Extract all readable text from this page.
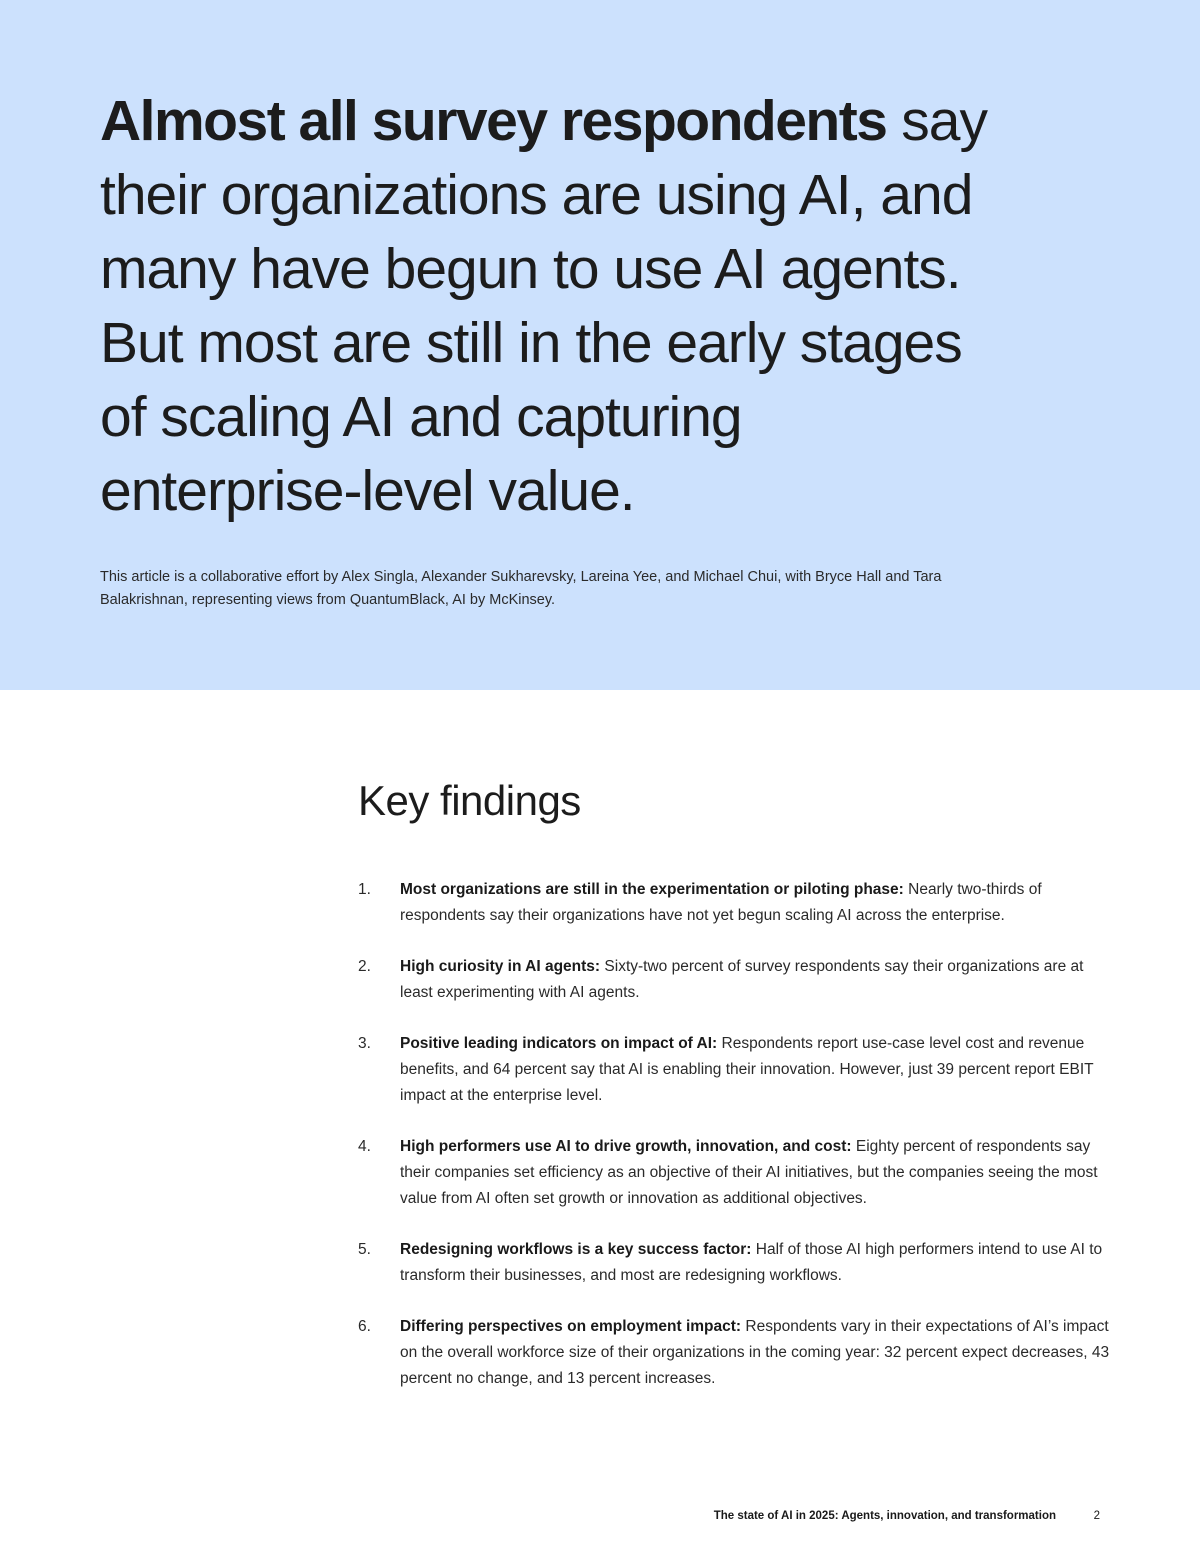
Almost all survey respondents say their organizations are using AI, and many have begun to use AI agents. But most are still in the early stages of scaling AI and capturing enterprise-level value.

This article is a collaborative effort by Alex Singla, Alexander Sukharevsky, Lareina Yee, and Michael Chui, with Bryce Hall and Tara Balakrishnan, representing views from QuantumBlack, AI by McKinsey.

Key findings
1. Most organizations are still in the experimentation or piloting phase: Nearly two-thirds of respondents say their organizations have not yet begun scaling AI across the enterprise.
2. High curiosity in AI agents: Sixty-two percent of survey respondents say their organizations are at least experimenting with AI agents.
3. Positive leading indicators on impact of AI: Respondents report use-case level cost and revenue benefits, and 64 percent say that AI is enabling their innovation. However, just 39 percent report EBIT impact at the enterprise level.
4. High performers use AI to drive growth, innovation, and cost: Eighty percent of respondents say their companies set efficiency as an objective of their AI initiatives, but the companies seeing the most value from AI often set growth or innovation as additional objectives.
5. Redesigning workflows is a key success factor: Half of those AI high performers intend to use AI to transform their businesses, and most are redesigning workflows.
6. Differing perspectives on employment impact: Respondents vary in their expectations of AI’s impact on the overall workforce size of their organizations in the coming year: 32 percent expect decreases, 43 percent no change, and 13 percent increases.
The state of AI in 2025: Agents, innovation, and transformation	2
